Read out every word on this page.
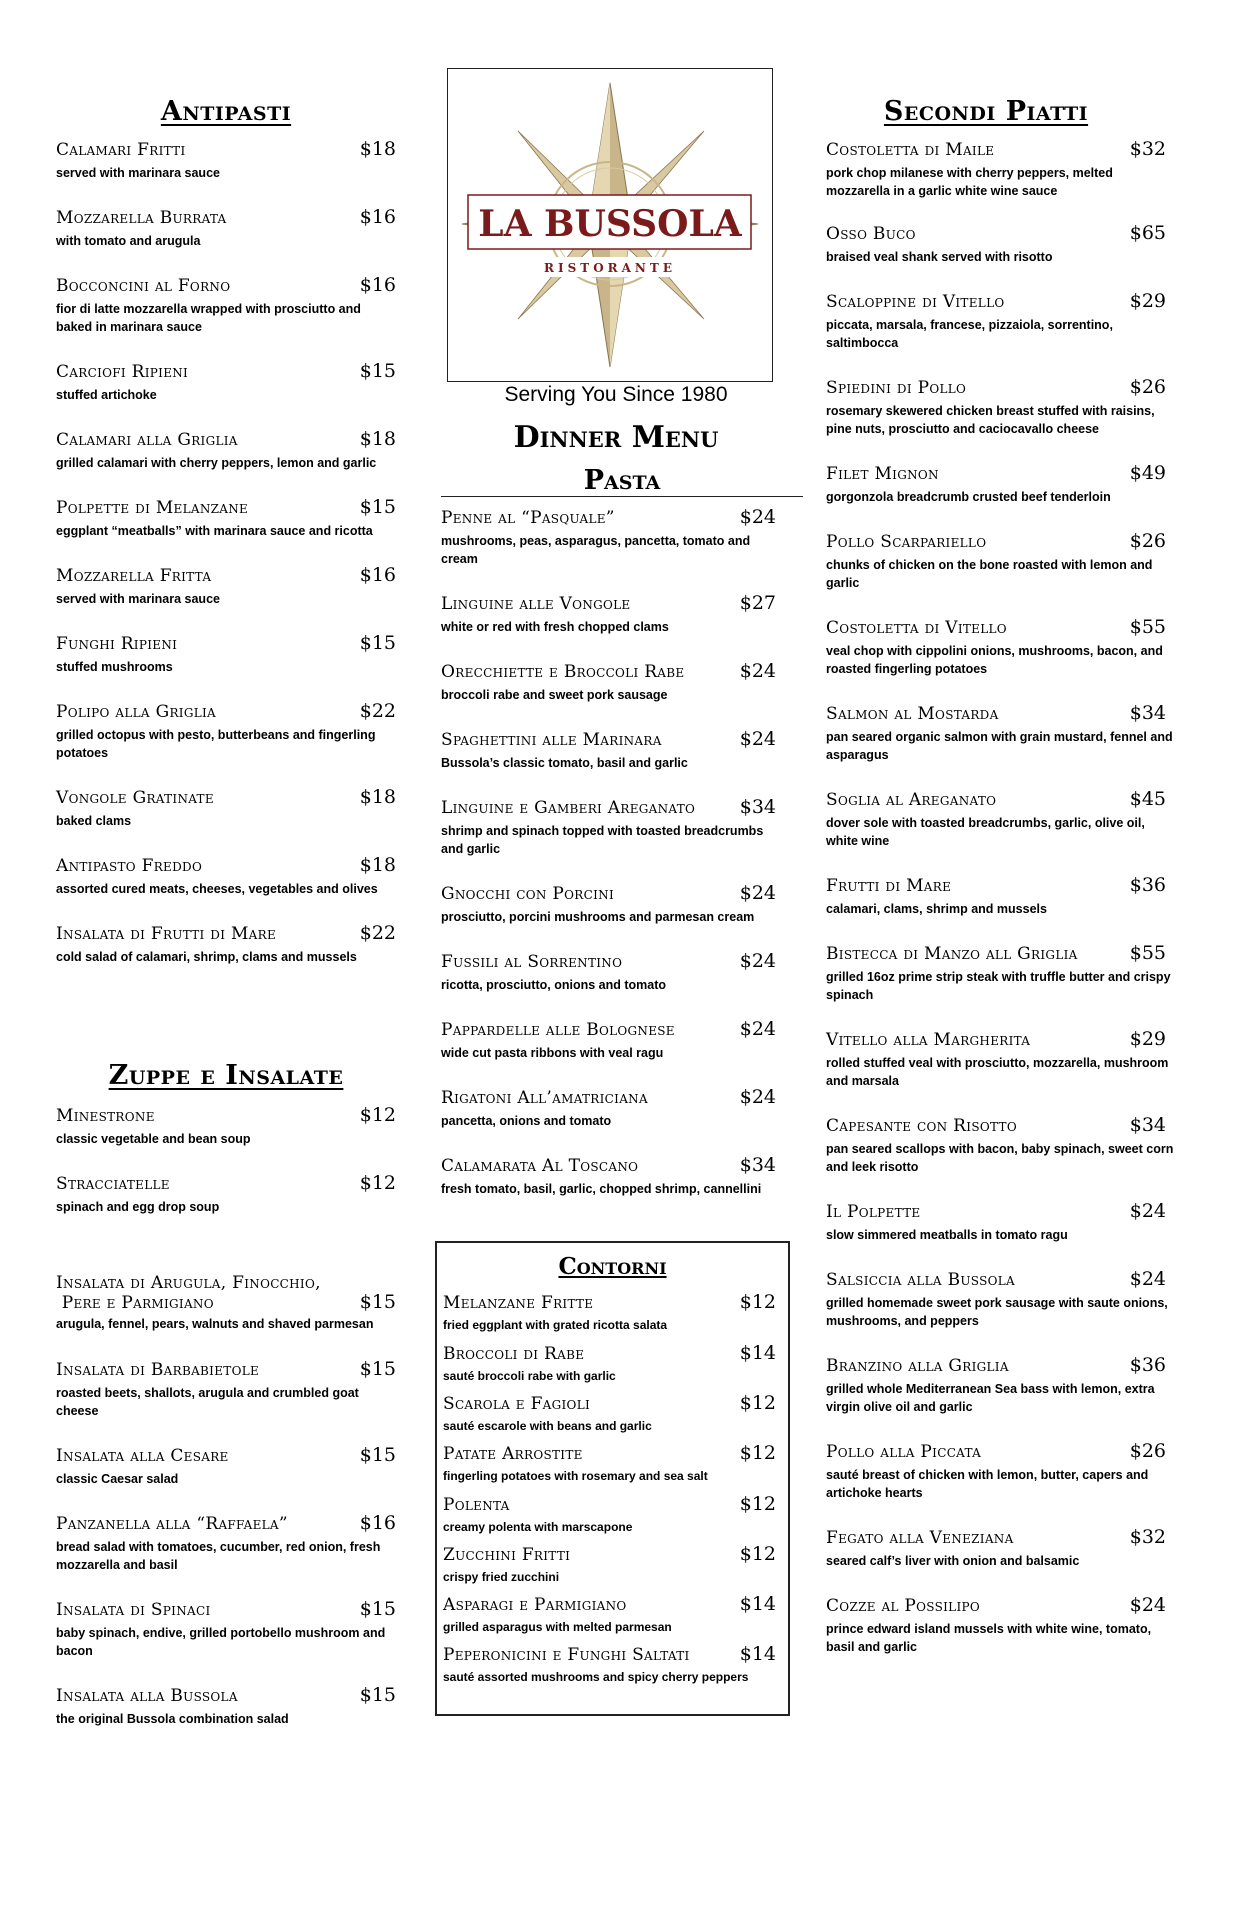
Antipasti
Calamari Fritti	$18
served with marinara sauce
Mozzarella Burrata	$16
with tomato and arugula
Bocconcini al Forno	$16
fior di latte mozzarella wrapped with prosciutto and baked in marinara sauce
Carciofi Ripieni	$15
stuffed artichoke
Calamari alla Griglia	$18
grilled calamari with cherry peppers, lemon and garlic
Polpette di Melanzane	$15
eggplant “meatballs” with marinara sauce and ricotta
Mozzarella Fritta	$16
served with marinara sauce
Funghi Ripieni	$15
stuffed mushrooms
Polipo alla Griglia	$22
grilled octopus with pesto, butterbeans and fingerling potatoes
Vongole Gratinate	$18
baked clams
Antipasto Freddo	$18
assorted cured meats, cheeses, vegetables and olives
Insalata di Frutti di Mare	$22
cold salad of calamari, shrimp, clams and mussels
Zuppe e Insalate
Minestrone	$12
classic vegetable and bean soup
Stracciatelle	$12
spinach and egg drop soup
Insalata di Arugula, Finocchio,
Pere e Parmigiano	$15
arugula, fennel, pears, walnuts and shaved parmesan
Insalata di Barbabietole	$15
roasted beets, shallots, arugula and crumbled goat cheese
Insalata alla Cesare	$15
classic Caesar salad
Panzanella alla “Raffaela”	$16
bread salad with tomatoes, cucumber, red onion, fresh mozzarella and basil
Insalata di Spinaci	$15
baby spinach, endive, grilled portobello mushroom and bacon
Insalata alla Bussola	$15
the original Bussola combination salad
LA BUSSOLA
RISTORANTE

Serving You Since 1980

Dinner Menu
Pasta
Penne al “Pasquale”	$24
mushrooms, peas, asparagus, pancetta, tomato and cream
Linguine alle Vongole	$27
white or red with fresh chopped clams
Orecchiette e Broccoli Rabe	$24
broccoli rabe and sweet pork sausage
Spaghettini alle Marinara	$24
Bussola’s classic tomato, basil and garlic
Linguine e Gamberi Areganato $34
shrimp and spinach topped with toasted breadcrumbs and garlic
Gnocchi con Porcini	$24
prosciutto, porcini mushrooms and parmesan cream
Fussili al Sorrentino	$24
ricotta, prosciutto, onions and tomato
Pappardelle alle Bolognese	$24
wide cut pasta ribbons with veal ragu
Rigatoni All’amatriciana	$24
pancetta, onions and tomato
Calamarata Al Toscano	$34
fresh tomato, basil, garlic, chopped shrimp, cannellini
Contorni
Melanzane Fritte	$12
fried eggplant with grated ricotta salata
Broccoli di Rabe	$14
sauté broccoli rabe with garlic
Scarola e Fagioli	$12
sauté escarole with beans and garlic
Patate Arrostite	$12
fingerling potatoes with rosemary and sea salt
Polenta	$12
creamy polenta with marscapone
Zucchini Fritti	$12
crispy fried zucchini
Asparagi e Parmigiano	$14
grilled asparagus with melted parmesan
Peperonicini e Funghi Saltati	$14
sauté assorted mushrooms and spicy cherry peppers
Secondi Piatti
Costoletta di Maile	$32
pork chop milanese with cherry peppers, melted mozzarella in a garlic white wine sauce
Osso Buco	$65
braised veal shank served with risotto
Scaloppine di Vitello	$29
piccata, marsala, francese, pizzaiola, sorrentino, saltimbocca
Spiedini di Pollo	$26
rosemary skewered chicken breast stuffed with raisins, pine nuts, prosciutto and caciocavallo cheese
Filet Mignon	$49
gorgonzola breadcrumb crusted beef tenderloin
Pollo Scarpariello	$26
chunks of chicken on the bone roasted with lemon and garlic
Costoletta di Vitello	$55
veal chop with cippolini onions, mushrooms, bacon, and roasted fingerling potatoes
Salmon al Mostarda	$34
pan seared organic salmon with grain mustard, fennel and asparagus
Soglia al Areganato	$45
dover sole with toasted breadcrumbs, garlic, olive oil, white wine
Frutti di Mare	$36
calamari, clams, shrimp and mussels
Bistecca di Manzo all Griglia	$55
grilled 16oz prime strip steak with truffle butter and crispy spinach
Vitello alla Margherita	$29
rolled stuffed veal with prosciutto, mozzarella, mushroom and marsala
Capesante con Risotto	$34
pan seared scallops with bacon, baby spinach, sweet corn and leek risotto
Il Polpette	$24
slow simmered meatballs in tomato ragu
Salsiccia alla Bussola	$24
grilled homemade sweet pork sausage with saute onions, mushrooms, and peppers
Branzino alla Griglia	$36
grilled whole Mediterranean Sea bass with lemon, extra virgin olive oil and garlic
Pollo alla Piccata	$26
sauté breast of chicken with lemon, butter, capers and artichoke hearts
Fegato alla Veneziana	$32
seared calf’s liver with onion and balsamic
Cozze al Possilipo	$24
prince edward island mussels with white wine, tomato, basil and garlic
